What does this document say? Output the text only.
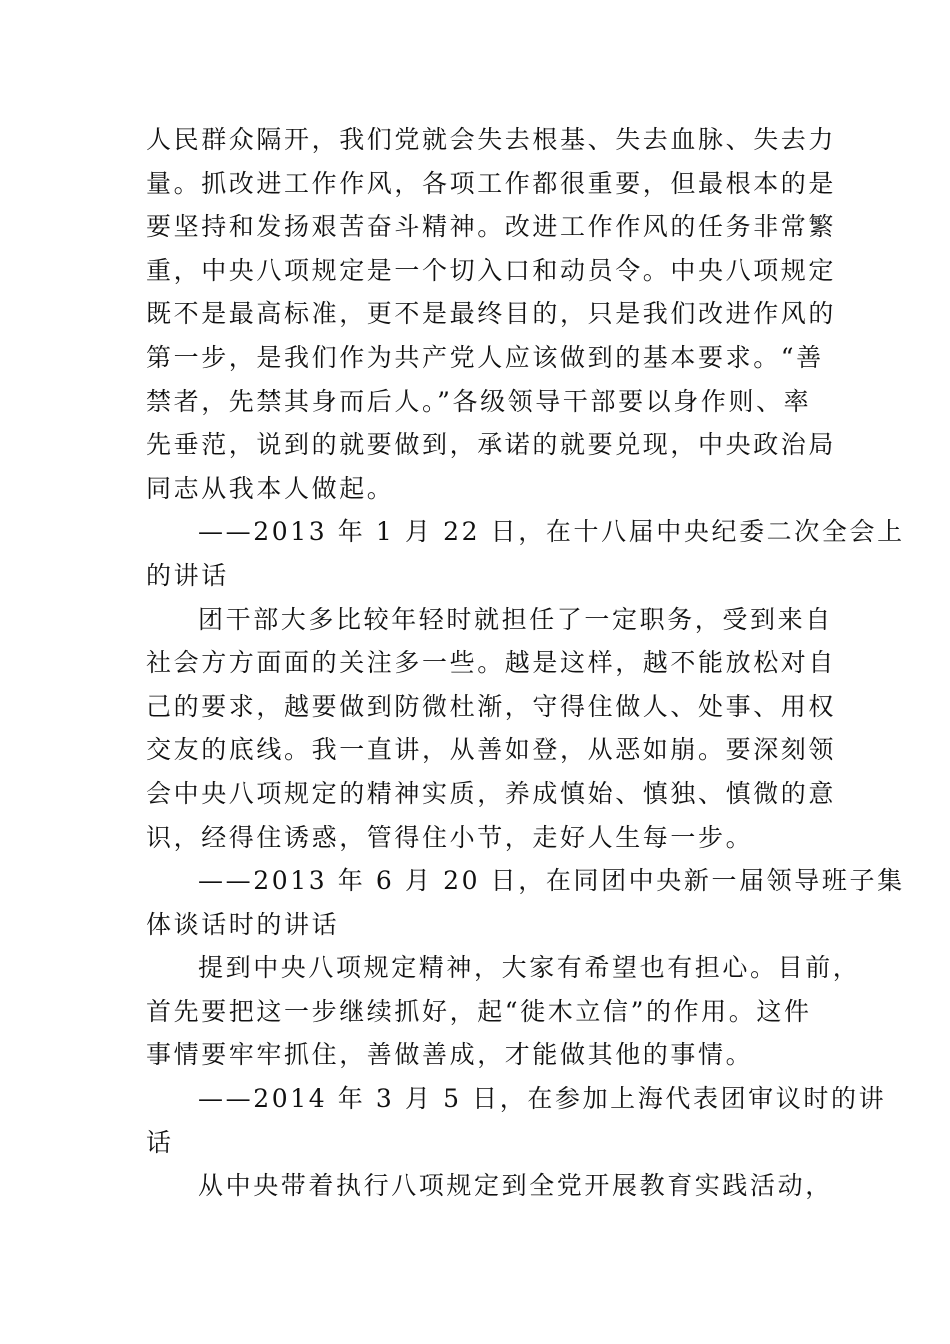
人民群众隔开，我们党就会失去根基、失去血脉、失去力
量。抓改进工作作风，各项工作都很重要，但最根本的是
要坚持和发扬艰苦奋斗精神。改进工作作风的任务非常繁
重，中央八项规定是一个切入口和动员令。中央八项规定
既不是最高标准，更不是最终目的，只是我们改进作风的
第一步，是我们作为共产党人应该做到的基本要求。“善
禁者，先禁其身而后人。”各级领导干部要以身作则、率
先垂范，说到的就要做到，承诺的就要兑现，中央政治局
同志从我本人做起。
——2013 年 1 月 22 日，在十八届中央纪委二次全会上
的讲话
团干部大多比较年轻时就担任了一定职务，受到来自
社会方方面面的关注多一些。越是这样，越不能放松对自
己的要求，越要做到防微杜渐，守得住做人、处事、用权
交友的底线。我一直讲，从善如登，从恶如崩。要深刻领
会中央八项规定的精神实质，养成慎始、慎独、慎微的意
识，经得住诱惑，管得住小节，走好人生每一步。
——2013 年 6 月 20 日，在同团中央新一届领导班子集
体谈话时的讲话
提到中央八项规定精神，大家有希望也有担心。目前，
首先要把这一步继续抓好，起“徙木立信”的作用。这件
事情要牢牢抓住，善做善成，才能做其他的事情。
——2014 年 3 月 5 日，在参加上海代表团审议时的讲
话
从中央带着执行八项规定到全党开展教育实践活动，
